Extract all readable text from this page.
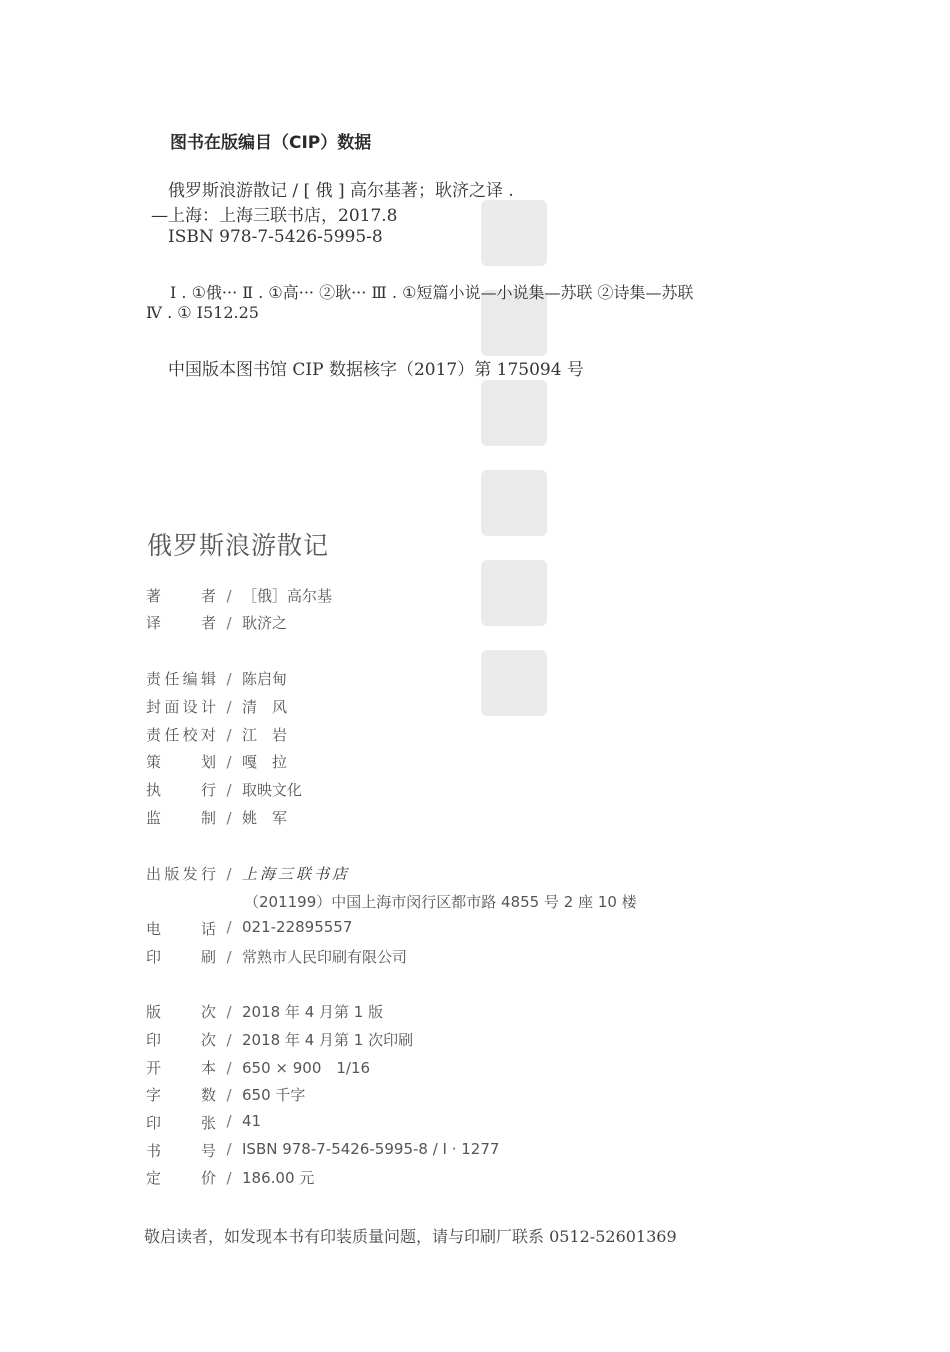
图书在版编目（CIP）数据
俄罗斯浪游散记 / [ 俄 ] 高尔基著；耿济之译 .
—上海：上海三联书店，2017.8
ISBN 978-7-5426-5995-8
Ⅰ . ①俄··· Ⅱ . ①高··· ②耿··· Ⅲ . ①短篇小说—小说集—苏联 ②诗集—苏联
Ⅳ . ① I512.25
中国版本图书馆 CIP 数据核字（2017）第 175094 号
俄罗斯浪游散记
著者 / ［俄］高尔基
译者 / 耿济之
责任编辑 / 陈启甸
封面设计 / 清　风
责任校对 / 江　岩
策划 / 嘎　拉
执行 / 取映文化
监制 / 姚　军
出版发行 / 上海三联书店
（201199）中国上海市闵行区都市路 4855 号 2 座 10 楼
电话 / 021-22895557
印刷 / 常熟市人民印刷有限公司
版次 / 2018 年 4 月第 1 版
印次 / 2018 年 4 月第 1 次印刷
开本 / 650 × 900　1/16
字数 / 650 千字
印张 / 41
书号 / ISBN 978-7-5426-5995-8 / I · 1277
定价 / 186.00 元
敬启读者，如发现本书有印装质量问题，请与印刷厂联系 0512-52601369
